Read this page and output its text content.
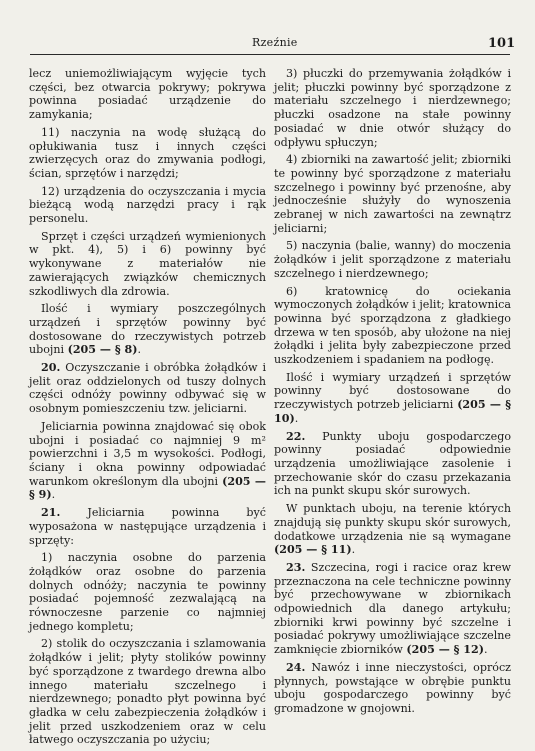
Rzeźnie	101

lecz uniemożliwiającym wyjęcie tych części, bez otwarcia pokrywy; pokrywa powinna posiadać urządzenie do zamykania;

11) naczynia na wodę służącą do opłukiwania tusz i innych części zwierzęcych oraz do zmywania podłogi, ścian, sprzętów i narzędzi;

12) urządzenia do oczyszczania i mycia bieżącą wodą narzędzi pracy i rąk personelu.

Sprzęt i części urządzeń wymienionych w pkt. 4), 5) i 6) powinny być wykonywane z materiałów nie zawierających związków chemicznych szkodliwych dla zdrowia.

Ilość i wymiary poszczególnych urządzeń i sprzętów powinny być dostosowane do rzeczywistych potrzeb ubojni (205 — § 8).

20. Oczyszczanie i obróbka żołądków i jelit oraz oddzielonych od tuszy dolnych części odnóży powinny odbywać się w osobnym pomieszczeniu tzw. jeliciarni.

Jeliciarnia powinna znajdować się obok ubojni i posiadać co najmniej 9 m² powierzchni i 3,5 m wysokości. Podłogi, ściany i okna powinny odpowiadać warunkom określonym dla ubojni (205 — § 9).

21. Jeliciarnia powinna być wyposażona w następujące urządzenia i sprzęty:

1) naczynia osobne do parzenia żołądków oraz osobne do parzenia dolnych odnóży; naczynia te powinny posiadać pojemność zezwalającą na równoczesne parzenie co najmniej jednego kompletu;

2) stolik do oczyszczania i szlamowania żołądków i jelit; płyty stolików powinny być sporządzone z twardego drewna albo innego materiału szczelnego i nierdzewnego; ponadto płyt powinna być gładka w celu zabezpieczenia żołądków i jelit przed uszkodzeniem oraz w celu łatwego oczyszczania po użyciu;

3) płuczki do przemywania żołądków i jelit; płuczki powinny być sporządzone z materiału szczelnego i nierdzewnego; płuczki osadzone na stałe powinny posiadać w dnie otwór służący do odpływu spłuczyn;

4) zbiorniki na zawartość jelit; zbiorniki te powinny być sporządzone z materiału szczelnego i powinny być przenośne, aby jednocześnie służyły do wynoszenia zebranej w nich zawartości na zewnątrz jeliciarni;

5) naczynia (balie, wanny) do moczenia żołądków i jelit sporządzone z materiału szczelnego i nierdzewnego;

6) kratownicę do ociekania wymoczonych żołądków i jelit; kratownica powinna być sporządzona z gładkiego drzewa w ten sposób, aby ułożone na niej żołądki i jelita były zabezpieczone przed uszkodzeniem i spadaniem na podłogę.

Ilość i wymiary urządzeń i sprzętów powinny być dostosowane do rzeczywistych potrzeb jeliciarni (205 — § 10).

22. Punkty uboju gospodarczego powinny posiadać odpowiednie urządzenia umożliwiające zasolenie i przechowanie skór do czasu przekazania ich na punkt skupu skór surowych.

W punktach uboju, na terenie których znajdują się punkty skupu skór surowych, dodatkowe urządzenia nie są wymagane (205 — § 11).

23. Szczecina, rogi i racice oraz krew przeznaczona na cele techniczne powinny być przechowywane w zbiornikach odpowiednich dla danego artykułu; zbiorniki krwi powinny być szczelne i posiadać pokrywy umożliwiające szczelne zamknięcie zbiorników (205 — § 12).

24. Nawóz i inne nieczystości, oprócz płynnych, powstające w obrębie punktu uboju gospodarczego powinny być gromadzone w gnojowni.
